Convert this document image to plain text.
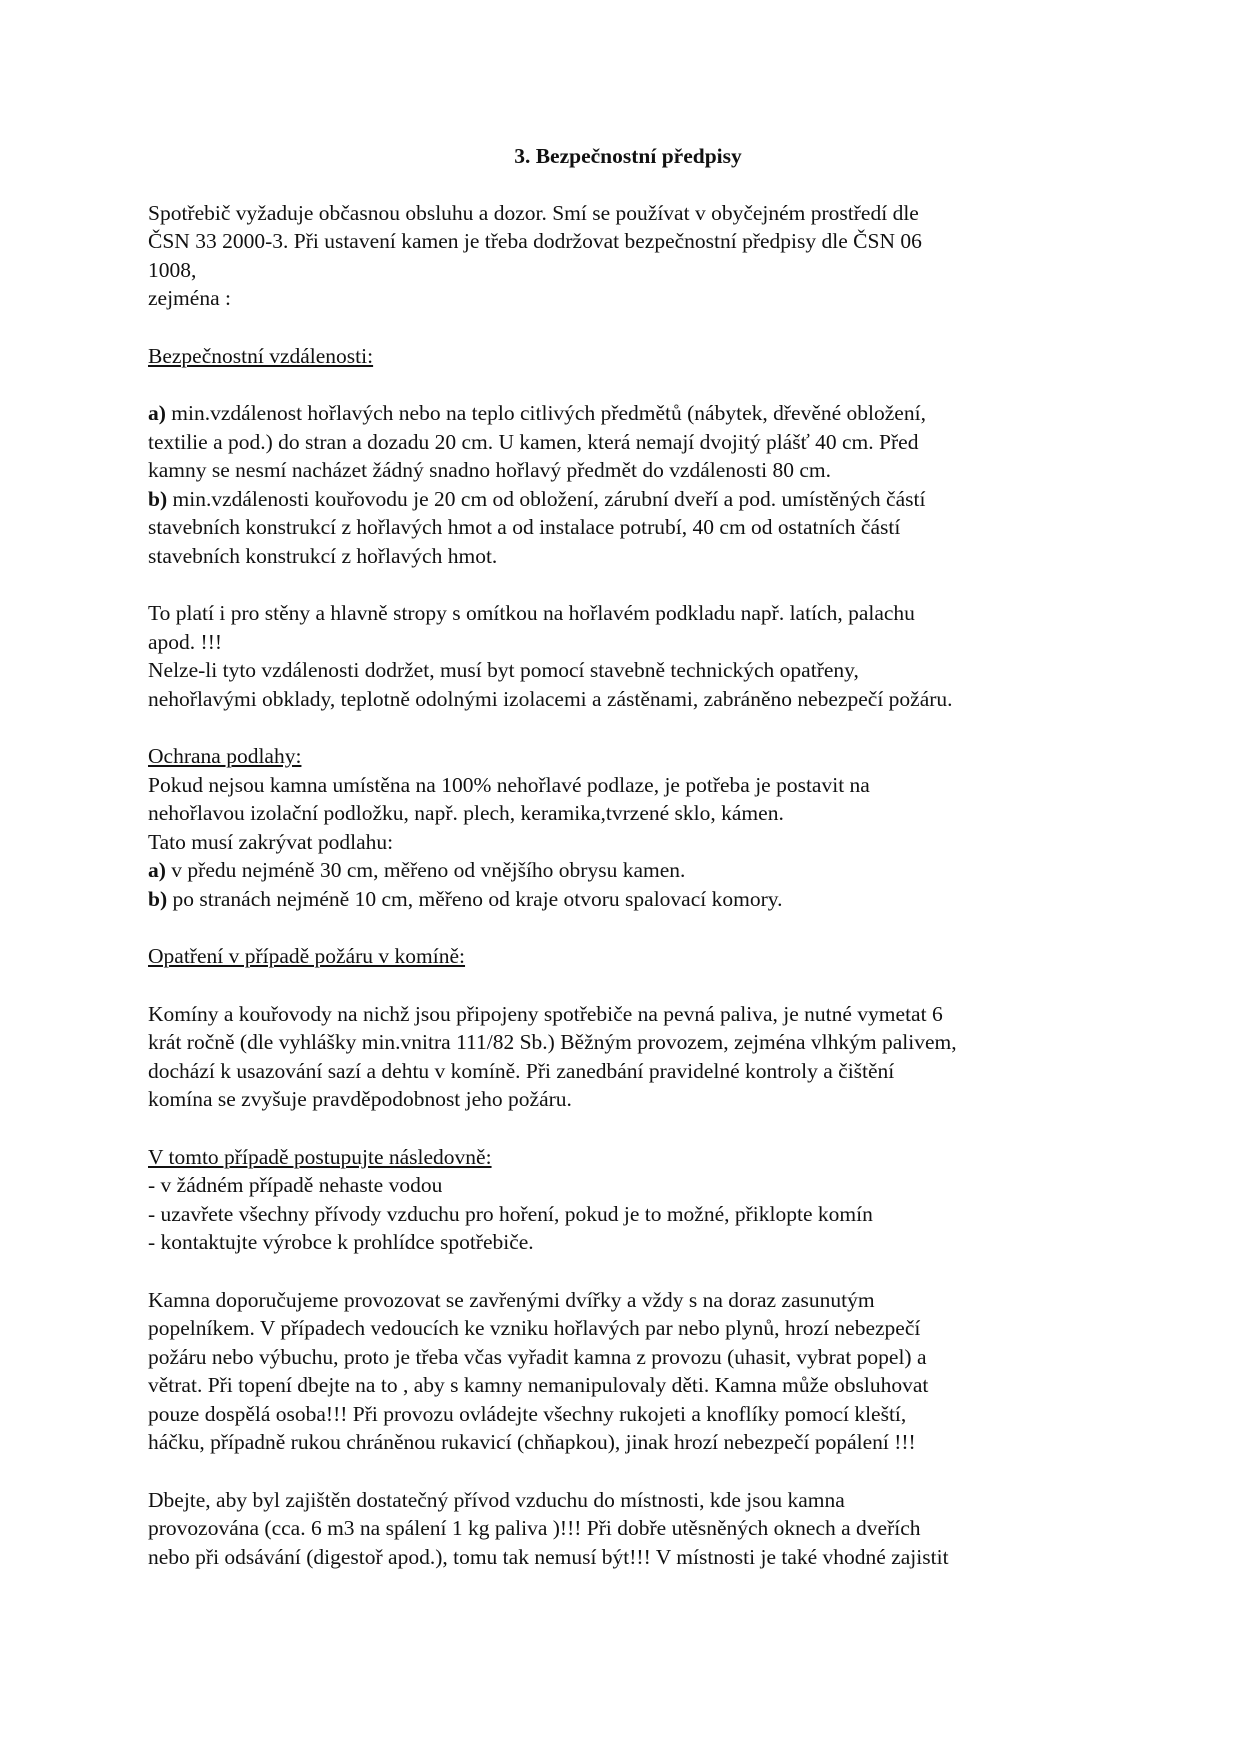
3. Bezpečnostní předpisy

Spotřebič vyžaduje občasnou obsluhu a dozor. Smí se používat v obyčejném prostředí dle

ČSN 33 2000-3. Při ustavení kamen je třeba dodržovat bezpečnostní předpisy dle ČSN 06

1008,

zejména :

Bezpečnostní vzdálenosti:

a) min.vzdálenost hořlavých nebo na teplo citlivých předmětů (nábytek, dřevěné obložení,

textilie a pod.) do stran a dozadu 20 cm. U kamen, která nemají dvojitý plášť 40 cm. Před

kamny se nesmí nacházet žádný snadno hořlavý předmět do vzdálenosti 80 cm.

b) min.vzdálenosti kouřovodu je 20 cm od obložení, zárubní dveří a pod. umístěných částí

stavebních konstrukcí z hořlavých hmot a od instalace potrubí, 40 cm od ostatních částí

stavebních konstrukcí z hořlavých hmot.

To platí i pro stěny a hlavně stropy s omítkou na hořlavém podkladu např. latích, palachu

apod. !!!

Nelze-li tyto vzdálenosti dodržet, musí byt pomocí stavebně technických opatřeny,

nehořlavými obklady, teplotně odolnými izolacemi a zástěnami, zabráněno nebezpečí požáru.

Ochrana podlahy:

Pokud nejsou kamna umístěna na 100% nehořlavé podlaze, je potřeba je postavit na

nehořlavou izolační podložku, např. plech, keramika,tvrzené sklo, kámen.

Tato musí zakrývat podlahu:

a) v předu nejméně 30 cm, měřeno od vnějšího obrysu kamen.

b) po stranách nejméně 10 cm, měřeno od kraje otvoru spalovací komory.

Opatření v případě požáru v komíně:

Komíny a kouřovody na nichž jsou připojeny spotřebiče na pevná paliva, je nutné vymetat 6

krát ročně (dle vyhlášky min.vnitra 111/82 Sb.) Běžným provozem, zejména vlhkým palivem,

dochází k usazování sazí a dehtu v komíně. Při zanedbání pravidelné kontroly a čištění

komína se zvyšuje pravděpodobnost jeho požáru.

V tomto případě postupujte následovně:

- v žádném případě nehaste vodou

- uzavřete všechny přívody vzduchu pro hoření, pokud je to možné, přiklopte komín

- kontaktujte výrobce k prohlídce spotřebiče.

Kamna doporučujeme provozovat se zavřenými dvířky a vždy s na doraz zasunutým

popelníkem. V případech vedoucích ke vzniku hořlavých par nebo plynů, hrozí nebezpečí

požáru nebo výbuchu, proto je třeba včas vyřadit kamna z provozu (uhasit, vybrat popel) a

větrat. Při topení dbejte na to , aby s kamny nemanipulovaly děti. Kamna může obsluhovat

pouze dospělá osoba!!! Při provozu ovládejte všechny rukojeti a knoflíky pomocí kleští,

háčku, případně rukou chráněnou rukavicí (chňapkou), jinak hrozí nebezpečí popálení !!!

Dbejte, aby byl zajištěn dostatečný přívod vzduchu do místnosti, kde jsou kamna

provozována (cca. 6 m3 na spálení 1 kg paliva )!!! Při dobře utěsněných oknech a dveřích

nebo při odsávání (digestoř apod.), tomu tak nemusí být!!! V místnosti je také vhodné zajistit
